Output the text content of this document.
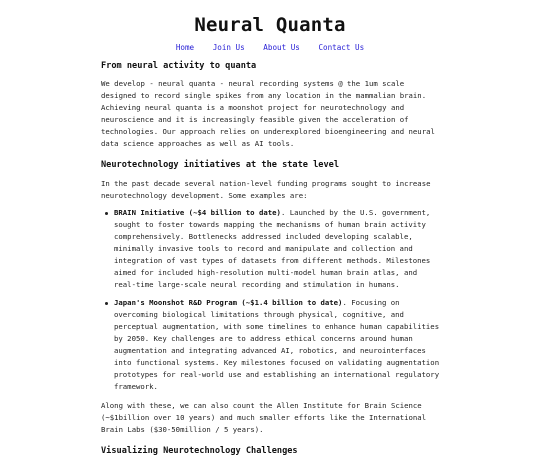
Neural Quanta
Home Join Us About Us Contact Us
From neural activity to quanta

We develop - neural quanta - neural recording systems @ the 1um scale designed to record single spikes from any location in the mammalian brain. Achieving neural quanta is a moonshot project for neurotechnology and neuroscience and it is increasingly feasible given the acceleration of technologies. Our approach relies on underexplored bioengineering and neural data science approaches as well as AI tools.

Neurotechnology initiatives at the state level

In the past decade several nation-level funding programs sought to increase neurotechnology development. Some examples are:

BRAIN Initiative (~$4 billion to date). Launched by the U.S. government, sought to foster towards mapping the mechanisms of human brain activity comprehensively. Bottlenecks addressed included developing scalable, minimally invasive tools to record and manipulate and collection and integration of vast types of datasets from different methods. Milestones aimed for included high-resolution multi-model human brain atlas, and real-time large-scale neural recording and stimulation in humans.
Japan's Moonshot R&D Program (~$1.4 billion to date). Focusing on overcoming biological limitations through physical, cognitive, and perceptual augmentation, with some timelines to enhance human capabilities by 2050. Key challenges are to address ethical concerns around human augmentation and integrating advanced AI, robotics, and neurointerfaces into functional systems. Key milestones focused on validating augmentation prototypes for real-world use and establishing an international regulatory framework.

Along with these, we can also count the Allen Institute for Brain Science (~$1billion over 10 years) and much smaller efforts like the International Brain Labs ($30-50million / 5 years).

Visualizing Neurotechnology Challenges
